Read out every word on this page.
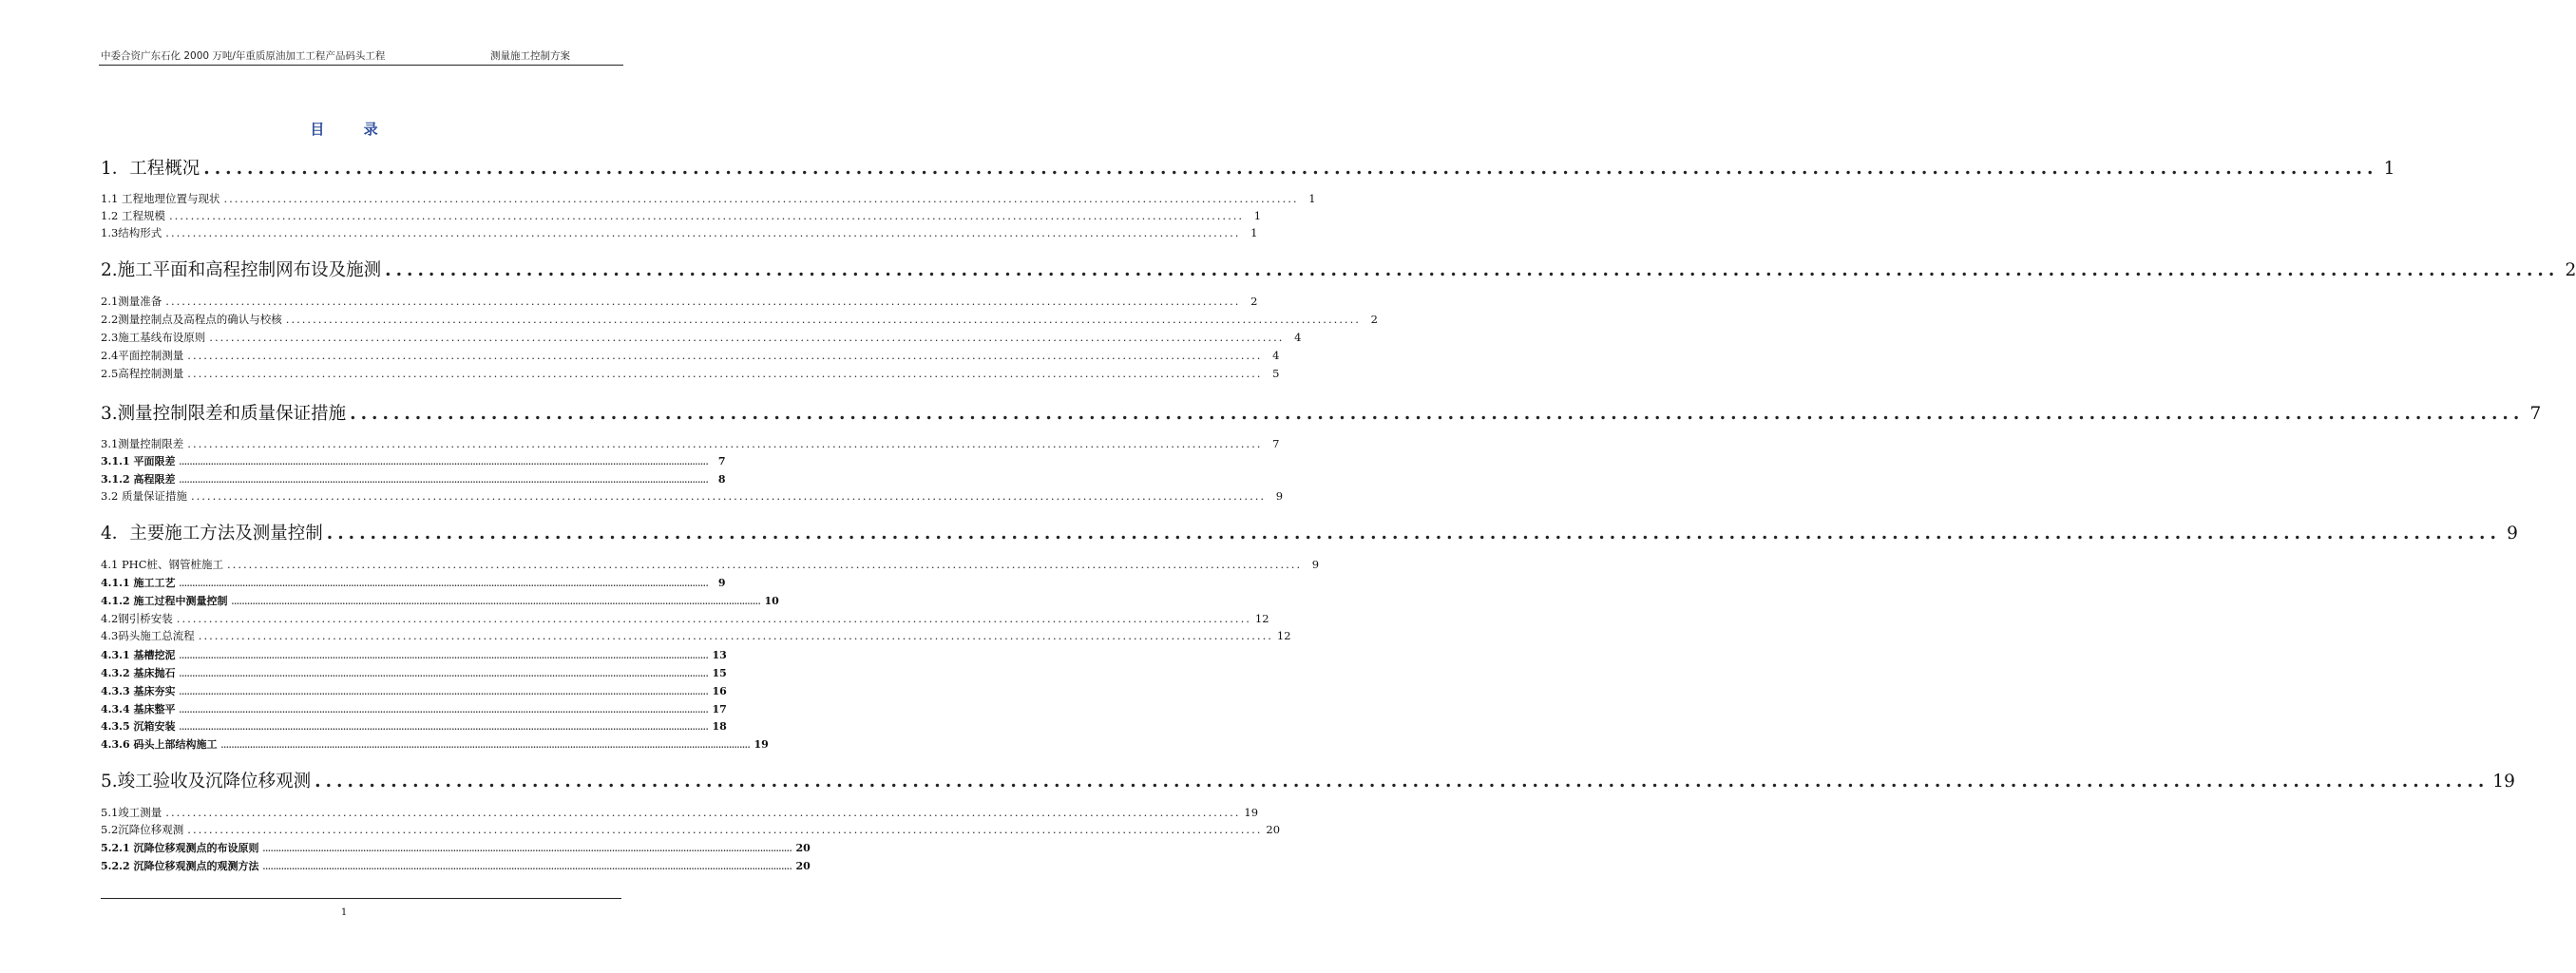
中委合资广东石化 2000 万吨/年重质原油加工工程产品码头工程	测量施工控制方案
目 录
1．工程概况 ........................................................................................................................................................................................................ 1
1.1 工程地理位置与现状 ........................................................................................................................................................................................................ 1
1.2 工程规模 ........................................................................................................................................................................................................ 1
1.3结构形式 ........................................................................................................................................................................................................ 1
2.施工平面和高程控制网布设及施测 ........................................................................................................................................................................................................ 2
2.1测量准备 ........................................................................................................................................................................................................ 2
2.2测量控制点及高程点的确认与校核 ........................................................................................................................................................................................................ 2
2.3施工基线布设原则 ........................................................................................................................................................................................................ 4
2.4平面控制测量 ........................................................................................................................................................................................................ 4
2.5高程控制测量 ........................................................................................................................................................................................................ 5
3.测量控制限差和质量保证措施 ........................................................................................................................................................................................................ 7
3.1测量控制限差 ........................................................................................................................................................................................................ 7
3.1.1 平面限差 ........................................................................................................................................................................................................ 7
3.1.2 高程限差 ........................................................................................................................................................................................................ 8
3.2 质量保证措施 ........................................................................................................................................................................................................ 9
4．主要施工方法及测量控制 ........................................................................................................................................................................................................ 9
4.1 PHC桩、钢管桩施工 ........................................................................................................................................................................................................ 9
4.1.1 施工工艺 ........................................................................................................................................................................................................ 9
4.1.2 施工过程中测量控制 ........................................................................................................................................................................................................ 10
4.2钢引桥安装 ........................................................................................................................................................................................................ 12
4.3码头施工总流程 ........................................................................................................................................................................................................ 12
4.3.1 基槽挖泥 ........................................................................................................................................................................................................ 13
4.3.2 基床抛石 ........................................................................................................................................................................................................ 15
4.3.3 基床夯实 ........................................................................................................................................................................................................ 16
4.3.4 基床整平 ........................................................................................................................................................................................................ 17
4.3.5 沉箱安装 ........................................................................................................................................................................................................ 18
4.3.6 码头上部结构施工 ........................................................................................................................................................................................................ 19
5.竣工验收及沉降位移观测 ........................................................................................................................................................................................................ 19
5.1竣工测量 ........................................................................................................................................................................................................ 19
5.2沉降位移观测 ........................................................................................................................................................................................................ 20
5.2.1 沉降位移观测点的布设原则 ........................................................................................................................................................................................................ 20
5.2.2 沉降位移观测点的观测方法 ........................................................................................................................................................................................................ 20
1
